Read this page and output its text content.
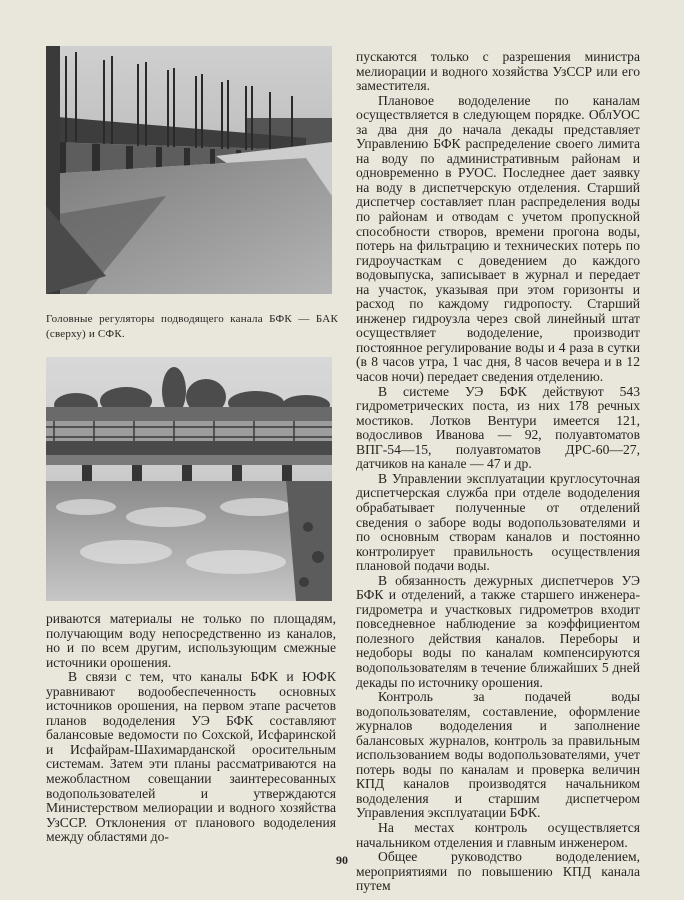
Головные регуляторы подводящего канала БФК — БАК (сверху) и СФК.

риваются материалы не только по площадям, получающим воду непосредственно из каналов, но и по всем другим, использующим смежные источники орошения.

В связи с тем, что каналы БФК и ЮФК уравнивают водообеспеченность основных источников орошения, на первом этапе расчетов планов вододеления УЭ БФК составляют балансовые ведомости по Сохской, Исфаринской и Исфайрам-Шахимарданской оросительным системам. Затем эти планы рассматриваются на межобластном совещании заинтересованных водопользователей и утверждаются Министерством мелиорации и водного хозяйства УзССР. Отклонения от планового вододеления между областями до-

пускаются только с разрешения министра мелиорации и водного хозяйства УзССР или его заместителя.

Плановое вододеление по каналам осуществляется в следующем порядке. ОблУОС за два дня до начала декады представляет Управлению БФК распределение своего лимита на воду по административным районам и одновременно в РУОС. Последнее дает заявку на воду в диспетчерскую отделения. Старший диспетчер составляет план распределения воды по районам и отводам с учетом пропускной способности створов, времени прогона воды, потерь на фильтрацию и технических потерь по гидроучасткам с доведением до каждого водовыпуска, записывает в журнал и передает на участок, указывая при этом горизонты и расход по каждому гидропосту. Старший инженер гидроузла через свой линейный штат осуществляет вододеление, производит постоянное регулирование воды и 4 раза в сутки (в 8 часов утра, 1 час дня, 8 часов вечера и в 12 часов ночи) передает сведения отделению.

В системе УЭ БФК действуют 543 гидрометрических поста, из них 178 речных мостиков. Лотков Вентури имеется 121, водосливов Иванова — 92, полуавтоматов ВПГ-54—15, полуавтоматов ДРС-60—27, датчиков на канале — 47 и др.

В Управлении эксплуатации круглосуточная диспетчерская служба при отделе вододеления обрабатывает полученные от отделений сведения о заборе воды водопользователями и по основным створам каналов и постоянно контролирует правильность осуществления плановой подачи воды.

В обязанность дежурных диспетчеров УЭ БФК и отделений, а также старшего инженера-гидрометра и участковых гидрометров входит повседневное наблюдение за коэффициентом полезного действия каналов. Переборы и недоборы воды по каналам компенсируются водопользователям в течение ближайших 5 дней декады по источнику орошения.

Контроль за подачей воды водопользователям, составление, оформление журналов вододеления и заполнение балансовых журналов, контроль за правильным использованием воды водопользователями, учет потерь воды по каналам и проверка величин КПД каналов производятся начальником вододеления и старшим диспетчером Управления эксплуатации БФК.

На местах контроль осуществляется начальником отделения и главным инженером.

Общее руководство вододелением, мероприятиями по повышению КПД канала путем

90
